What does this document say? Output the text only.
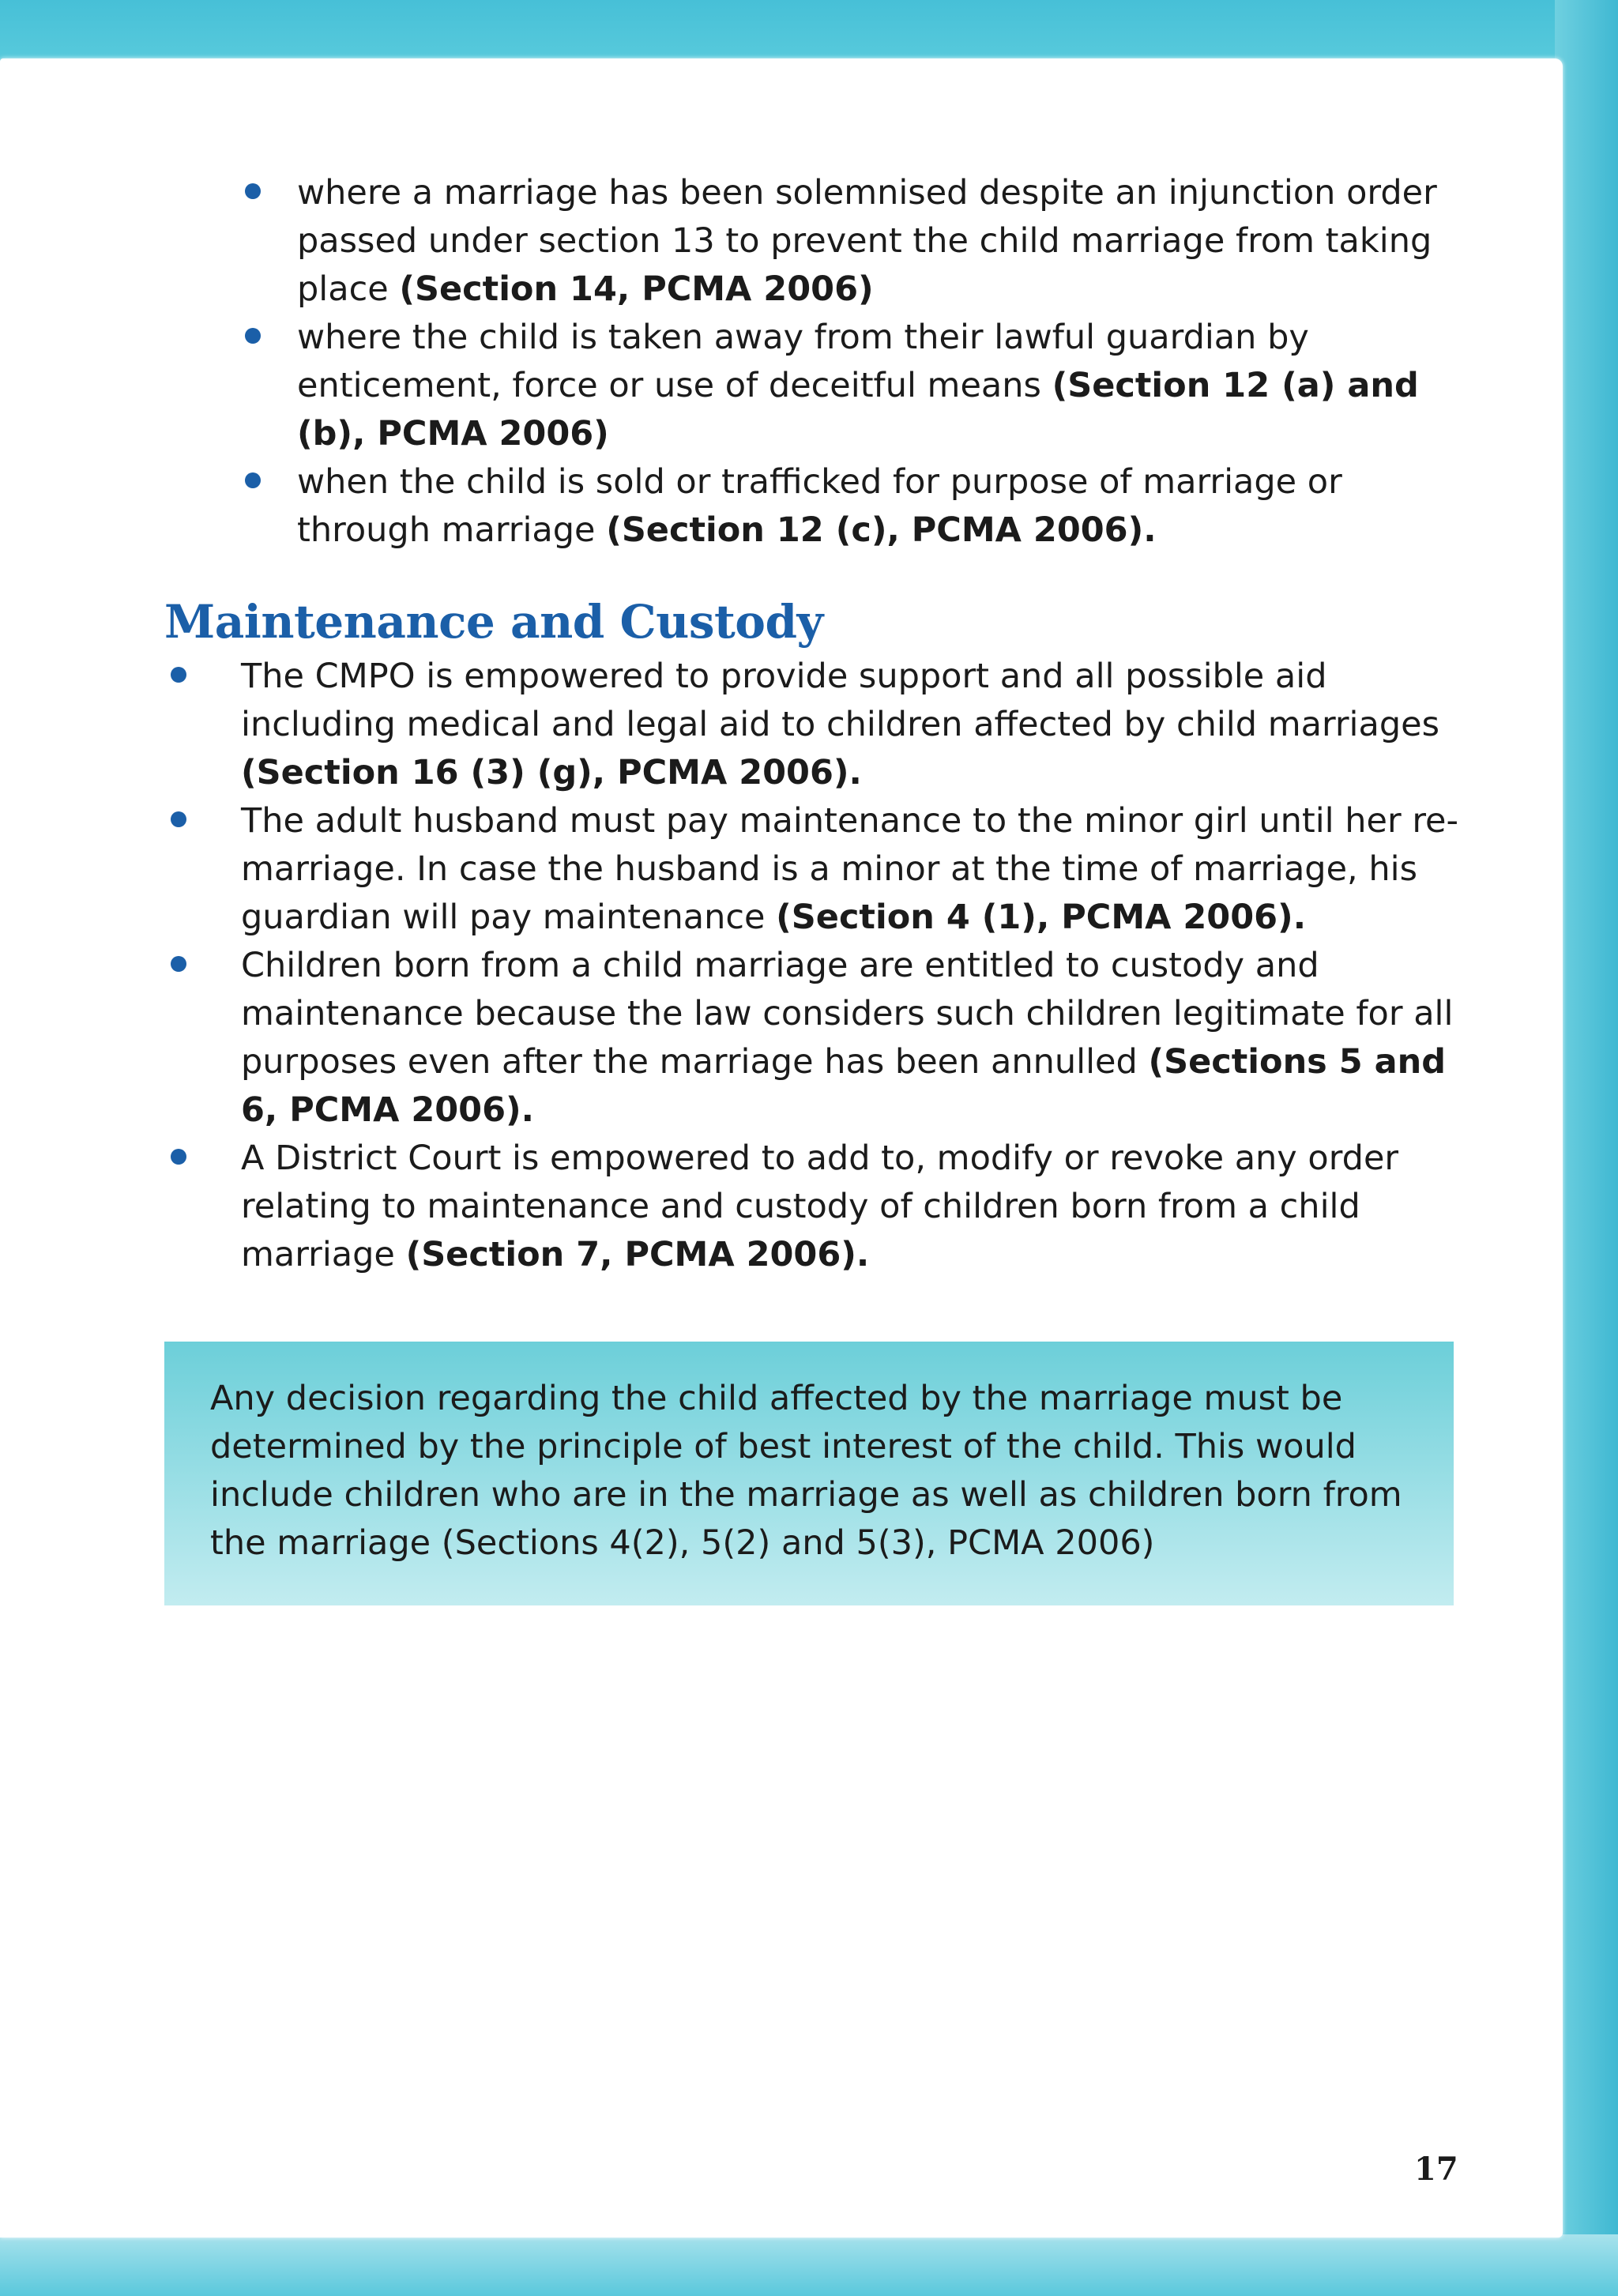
where a marriage has been solemnised despite an injunction order passed under section 13 to prevent the child marriage from taking place (Section 14, PCMA 2006)
where the child is taken away from their lawful guardian by enticement, force or use of deceitful means (Section 12 (a) and (b), PCMA 2006)
when the child is sold or trafficked for purpose of marriage or through marriage (Section 12 (c), PCMA 2006).
Maintenance and Custody
The CMPO is empowered to provide support and all possible aid including medical and legal aid to children affected by child marriages (Section 16 (3) (g), PCMA 2006).
The adult husband must pay maintenance to the minor girl until her re-marriage. In case the husband is a minor at the time of marriage, his guardian will pay maintenance (Section 4 (1), PCMA 2006).
Children born from a child marriage are entitled to custody and maintenance because the law considers such children legitimate for all purposes even after the marriage has been annulled (Sections 5 and 6, PCMA 2006).
A District Court is empowered to add to, modify or revoke any order relating to maintenance and custody of children born from a child marriage (Section 7, PCMA 2006).

Any decision regarding the child affected by the marriage must be determined by the principle of best interest of the child. This would include children who are in the marriage as well as children born from the marriage (Sections 4(2), 5(2) and 5(3), PCMA 2006)

17
